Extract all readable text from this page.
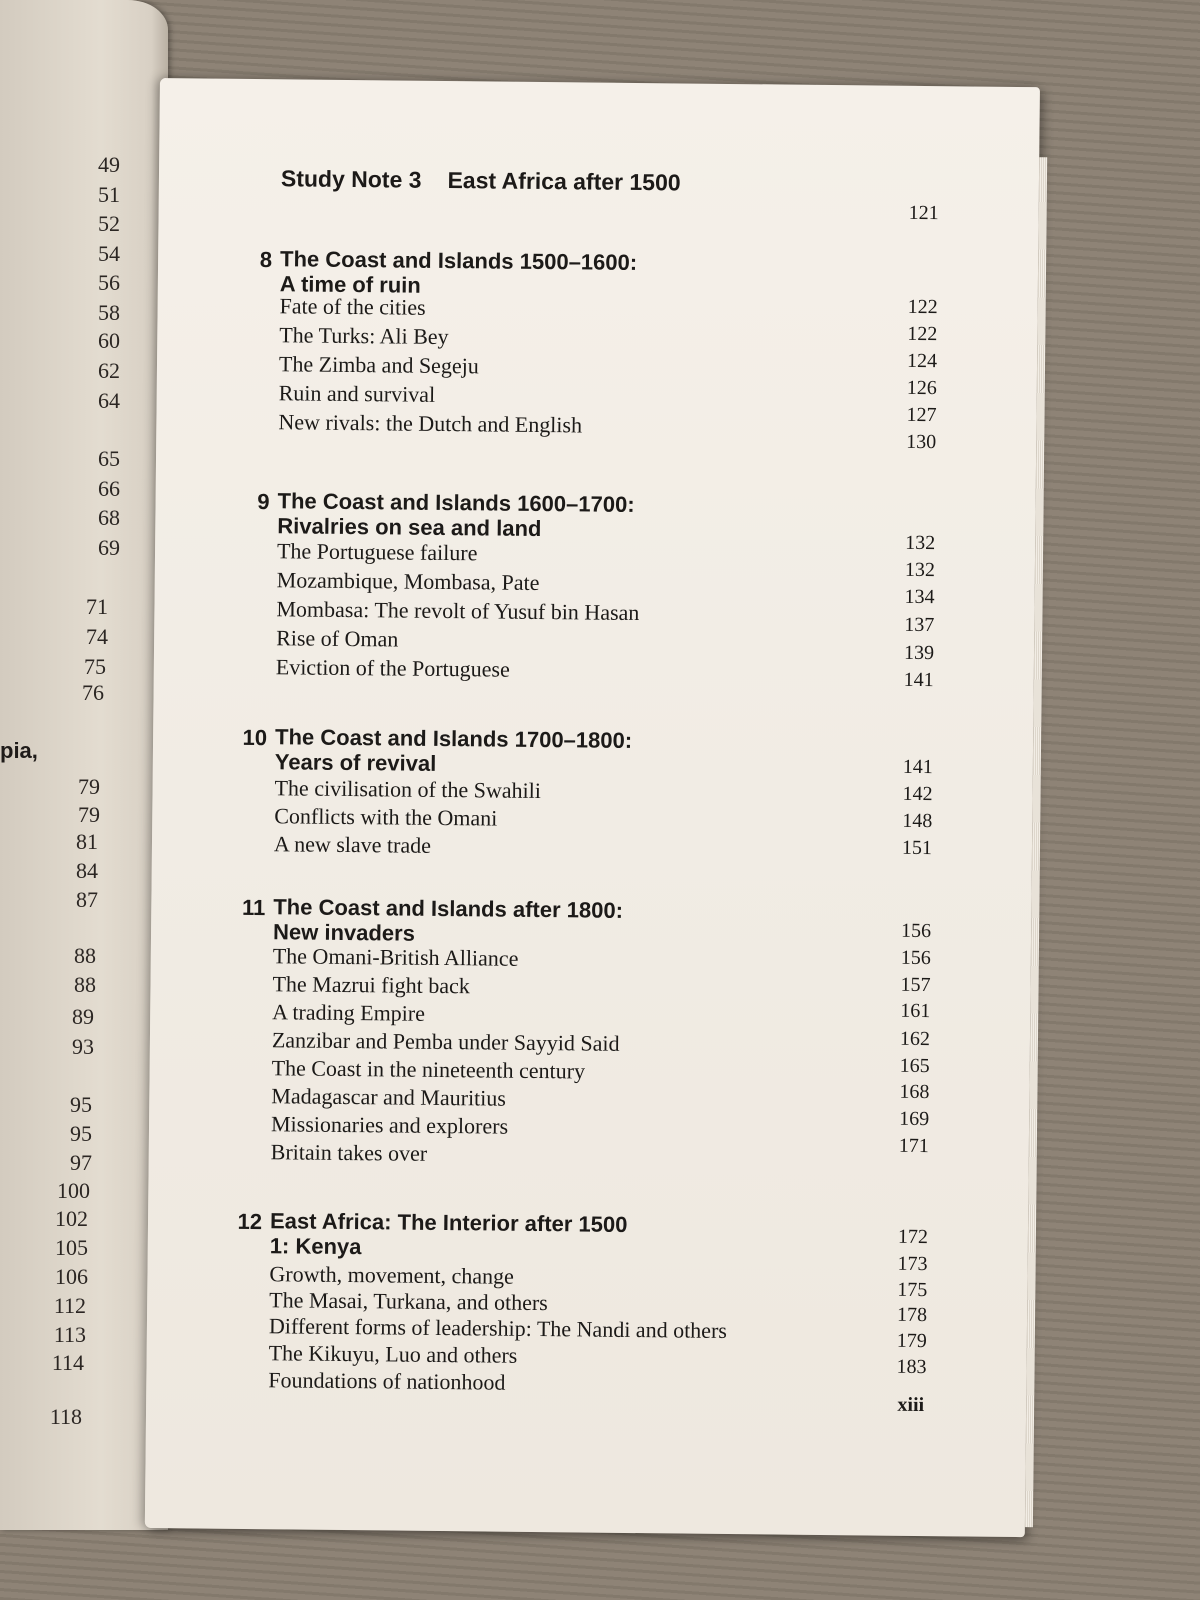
49
51
52
54
56
58
60
62
64
65
66
68
69
71
74
75
76
pia,
79
79
81
84
87
88
88
89
93
95
95
97
100
102
105
106
112
113
114
118
Study Note 3 East Africa after 1500
121
8 The Coast and Islands 1500–1600:
A time of ruin
Fate of the cities
The Turks: Ali Bey
The Zimba and Segeju
Ruin and survival
New rivals: the Dutch and English
122
122
124
126
127
130
9 The Coast and Islands 1600–1700:
Rivalries on sea and land
The Portuguese failure
Mozambique, Mombasa, Pate
Mombasa: The revolt of Yusuf bin Hasan
Rise of Oman
Eviction of the Portuguese
132
132
134
137
139
141
10 The Coast and Islands 1700–1800:
Years of revival
The civilisation of the Swahili
Conflicts with the Omani
A new slave trade
141
142
148
151
11 The Coast and Islands after 1800:
New invaders
The Omani-British Alliance
The Mazrui fight back
A trading Empire
Zanzibar and Pemba under Sayyid Said
The Coast in the nineteenth century
Madagascar and Mauritius
Missionaries and explorers
Britain takes over
156
156
157
161
162
165
168
169
171
12 East Africa: The Interior after 1500
1: Kenya
Growth, movement, change
The Masai, Turkana, and others
Different forms of leadership: The Nandi and others
The Kikuyu, Luo and others
Foundations of nationhood
172
173
175
178
179
183
xiii
